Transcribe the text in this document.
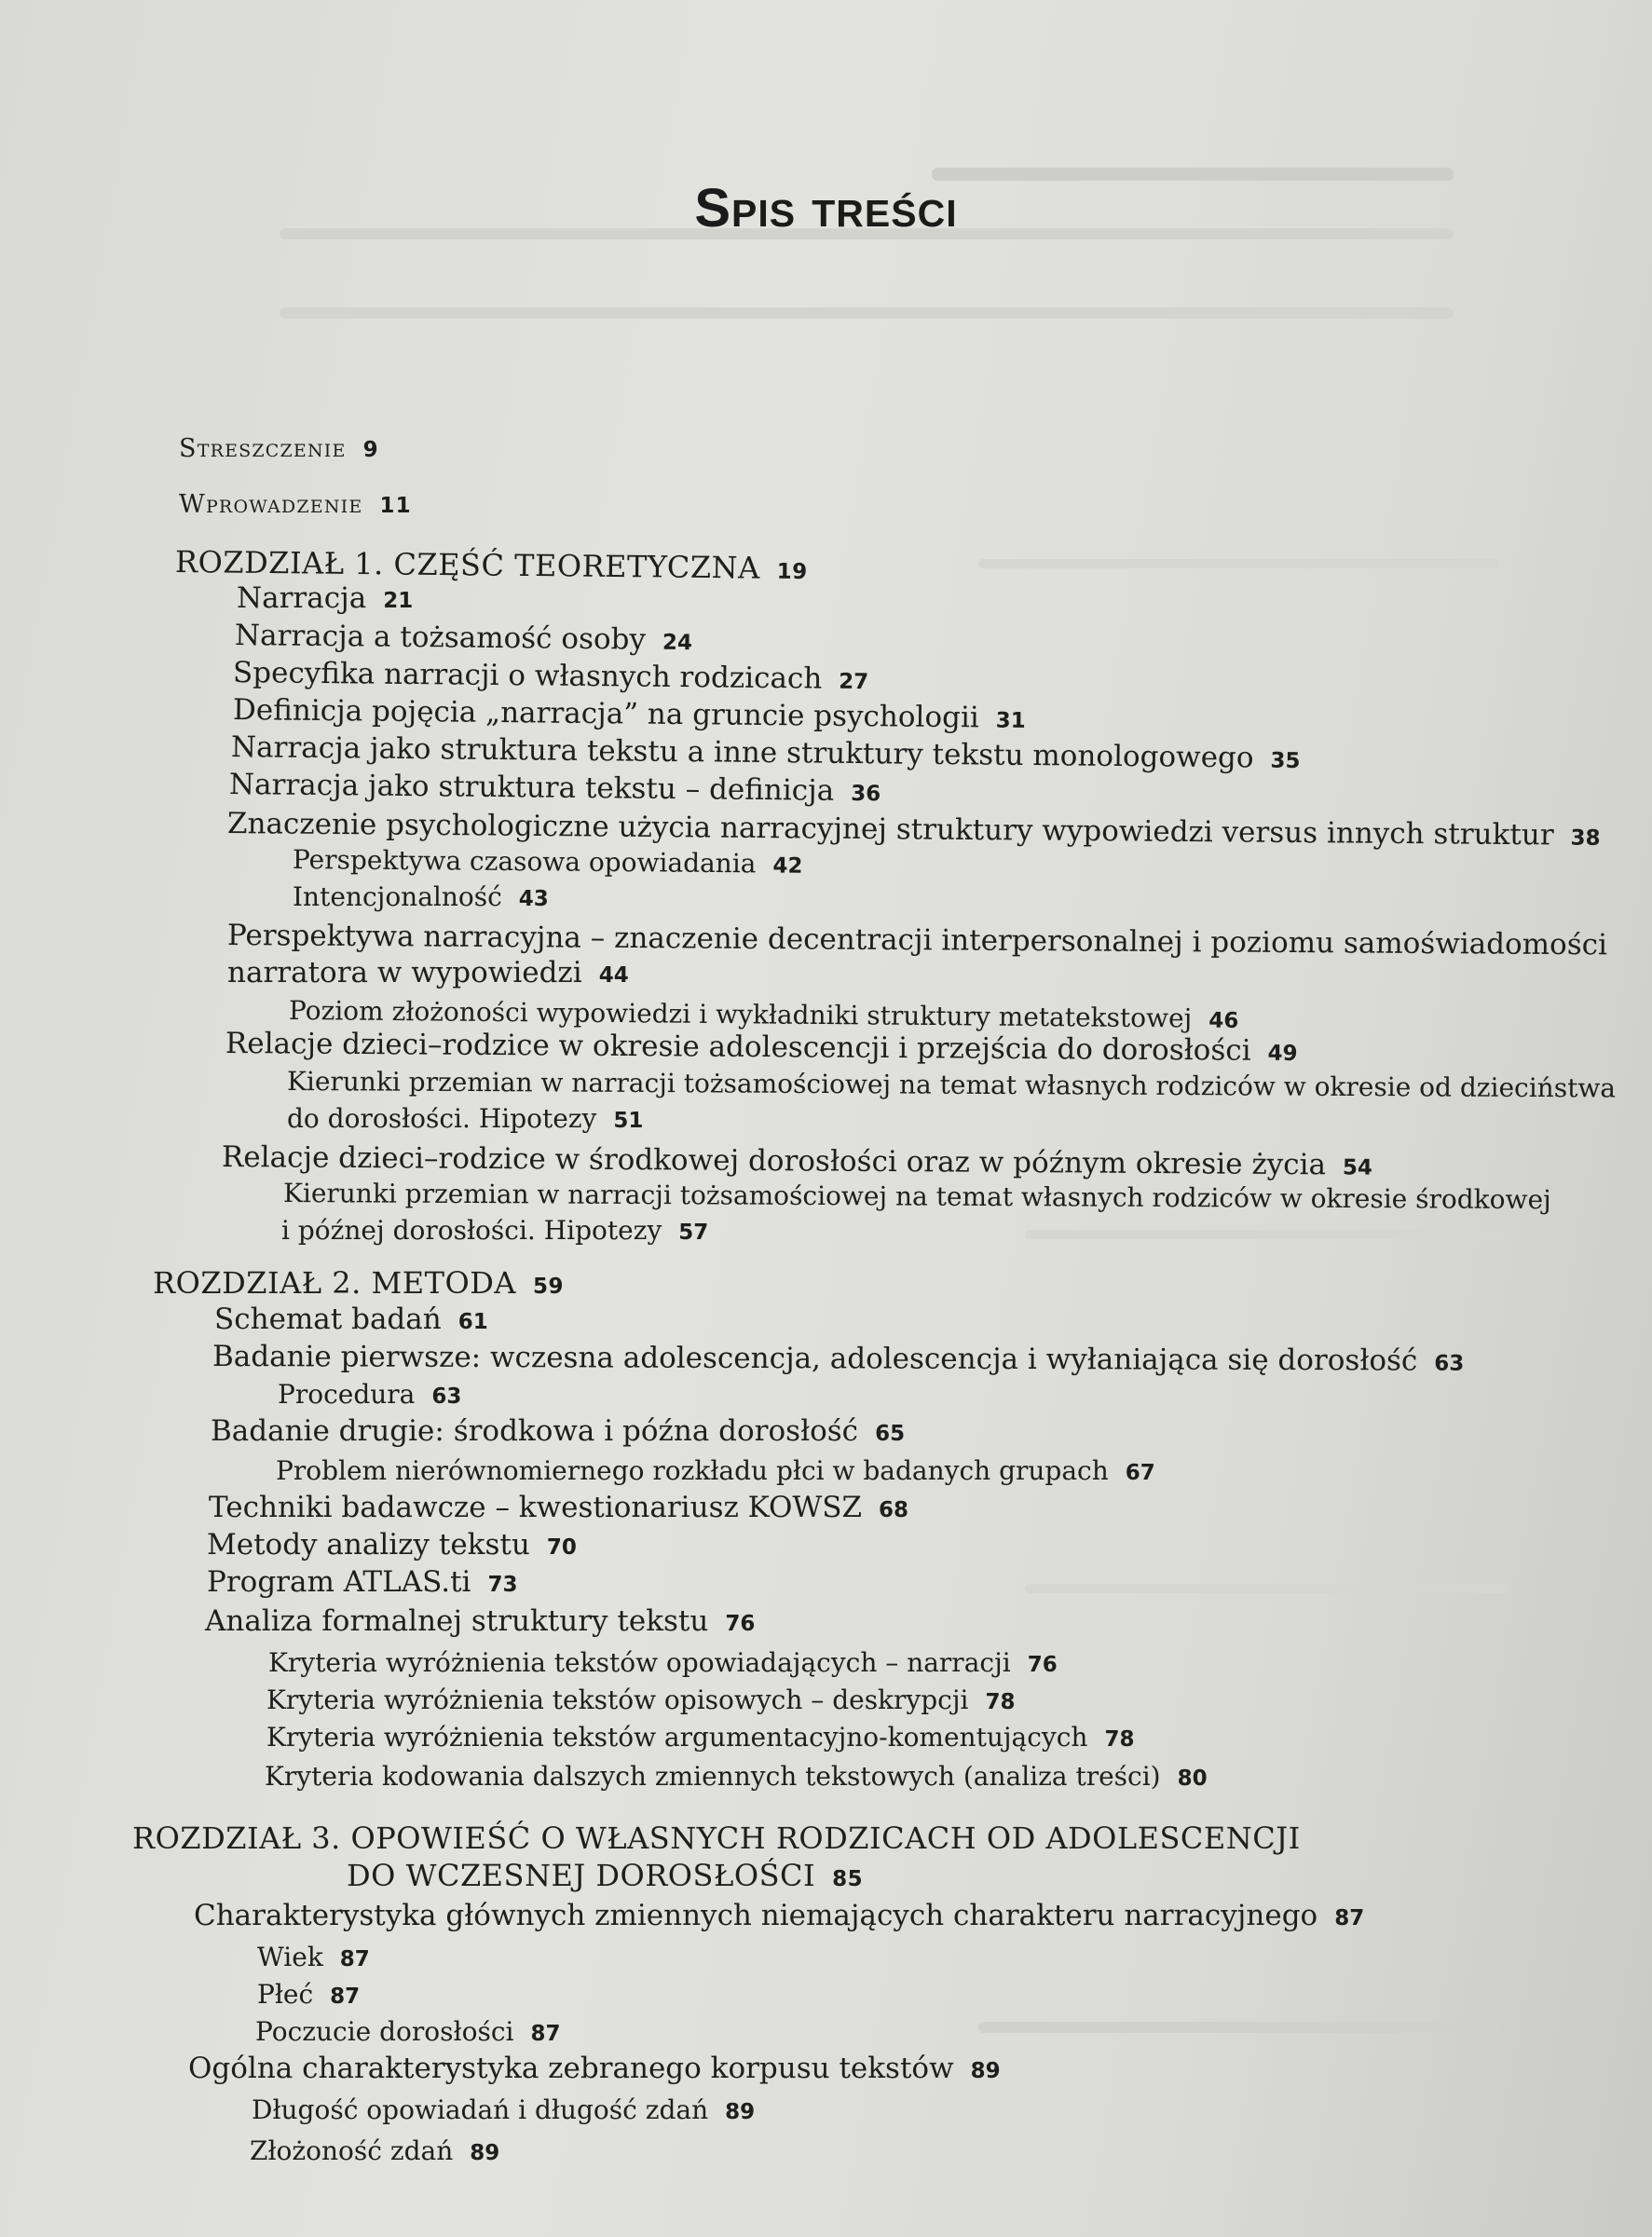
Spis treści
Streszczenie 9
Wprowadzenie 11
ROZDZIAŁ 1. CZĘŚĆ TEORETYCZNA 19
Narracja 21
Narracja a tożsamość osoby 24
Specyfika narracji o własnych rodzicach 27
Definicja pojęcia „narracja” na gruncie psychologii 31
Narracja jako struktura tekstu a inne struktury tekstu monologowego 35
Narracja jako struktura tekstu – definicja 36
Znaczenie psychologiczne użycia narracyjnej struktury wypowiedzi versus innych struktur 38
Perspektywa czasowa opowiadania 42
Intencjonalność 43
Perspektywa narracyjna – znaczenie decentracji interpersonalnej i poziomu samoświadomości
narratora w wypowiedzi 44
Poziom złożoności wypowiedzi i wykładniki struktury metatekstowej 46
Relacje dzieci–rodzice w okresie adolescencji i przejścia do dorosłości 49
Kierunki przemian w narracji tożsamościowej na temat własnych rodziców w okresie od dzieciństwa
do dorosłości. Hipotezy 51
Relacje dzieci–rodzice w środkowej dorosłości oraz w późnym okresie życia 54
Kierunki przemian w narracji tożsamościowej na temat własnych rodziców w okresie środkowej
i późnej dorosłości. Hipotezy 57
ROZDZIAŁ 2. METODA 59
Schemat badań 61
Badanie pierwsze: wczesna adolescencja, adolescencja i wyłaniająca się dorosłość 63
Procedura 63
Badanie drugie: środkowa i późna dorosłość 65
Problem nierównomiernego rozkładu płci w badanych grupach 67
Techniki badawcze – kwestionariusz KOWSZ 68
Metody analizy tekstu 70
Program ATLAS.ti 73
Analiza formalnej struktury tekstu 76
Kryteria wyróżnienia tekstów opowiadających – narracji 76
Kryteria wyróżnienia tekstów opisowych – deskrypcji 78
Kryteria wyróżnienia tekstów argumentacyjno-komentujących 78
Kryteria kodowania dalszych zmiennych tekstowych (analiza treści) 80
ROZDZIAŁ 3. OPOWIEŚĆ O WŁASNYCH RODZICACH OD ADOLESCENCJI
DO WCZESNEJ DOROSŁOŚCI 85
Charakterystyka głównych zmiennych niemających charakteru narracyjnego 87
Wiek 87
Płeć 87
Poczucie dorosłości 87
Ogólna charakterystyka zebranego korpusu tekstów 89
Długość opowiadań i długość zdań 89
Złożoność zdań 89
